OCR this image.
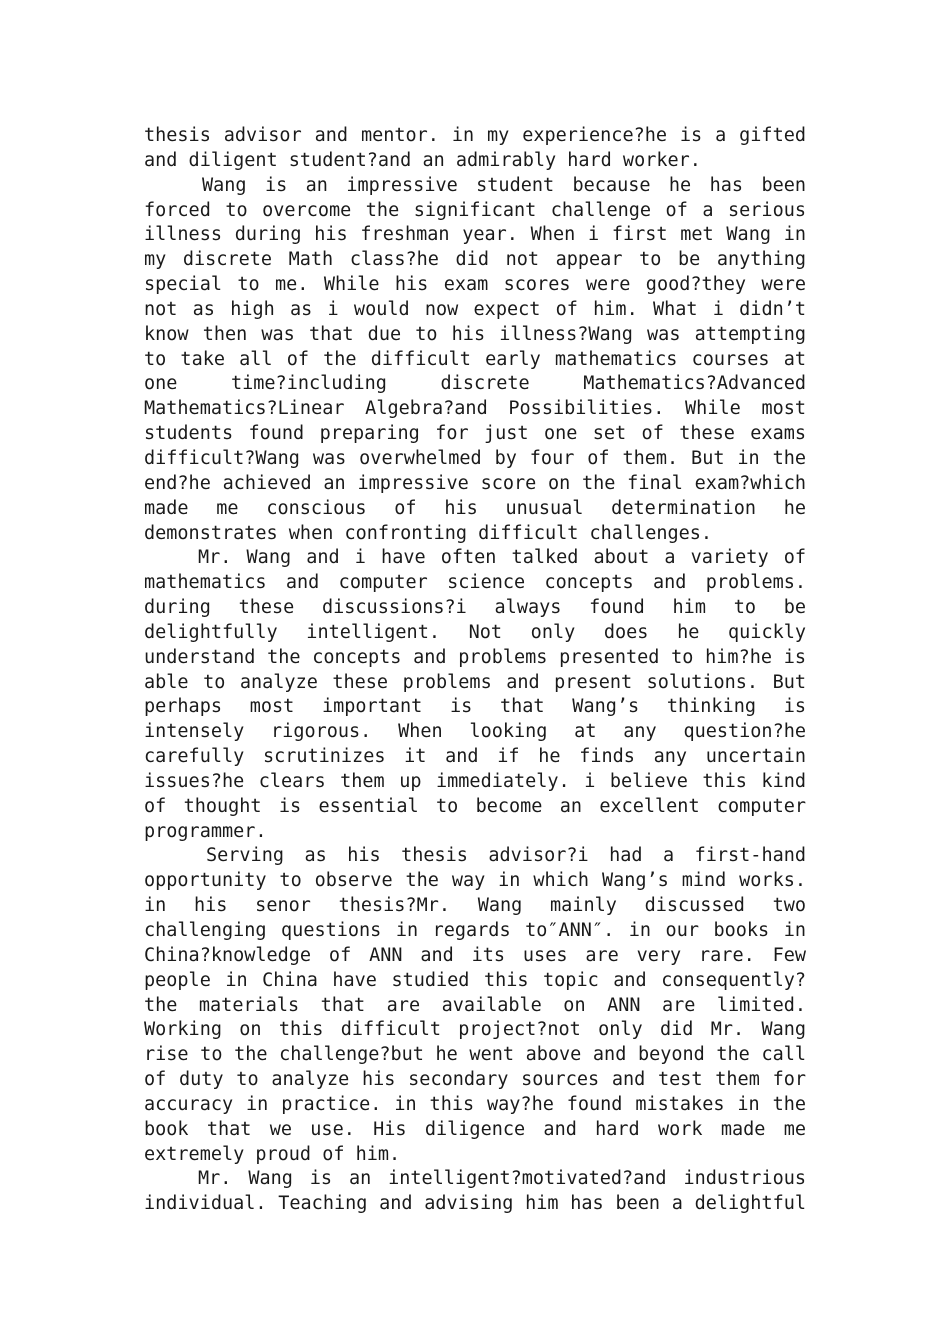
thesis advisor and mentor. in my experience?he is a gifted
and diligent student?and an admirably hard worker.
Wang is an impressive student because he has been
forced to overcome the significant challenge of a serious
illness during his freshman year. When i first met Wang in
my discrete Math class?he did not appear to be anything
special to me. While his exam scores were good?they were
not as high as i would now expect of him. What i didn’t
know then was that due to his illness?Wang was attempting
to take all of the difficult early mathematics courses at
one time?including discrete Mathematics?Advanced
Mathematics?Linear Algebra?and Possibilities. While most
students found preparing for just one set of these exams
difficult?Wang was overwhelmed by four of them. But in the
end?he achieved an impressive score on the final exam?which
made me conscious of his unusual determination he
demonstrates when confronting difficult challenges.
Mr. Wang and i have often talked about a variety of
mathematics and computer science concepts and problems.
during these discussions?i always found him to be
delightfully intelligent. Not only does he quickly
understand the concepts and problems presented to him?he is
able to analyze these problems and present solutions. But
perhaps most important is that Wang’s thinking is
intensely rigorous. When looking at any question?he
carefully scrutinizes it and if he finds any uncertain
issues?he clears them up immediately. i believe this kind
of thought is essential to become an excellent computer
programmer.
Serving as his thesis advisor?i had a first-hand
opportunity to observe the way in which Wang’s mind works.
in his senor thesis?Mr. Wang mainly discussed two
challenging questions in regards to″ANN″. in our books in
China?knowledge of ANN and its uses are very rare. Few
people in China have studied this topic and consequently?
the materials that are available on ANN are limited.
Working on this difficult project?not only did Mr. Wang
rise to the challenge?but he went above and beyond the call
of duty to analyze his secondary sources and test them for
accuracy in practice. in this way?he found mistakes in the
book that we use. His diligence and hard work made me
extremely proud of him.
Mr. Wang is an intelligent?motivated?and industrious
individual. Teaching and advising him has been a delightful
